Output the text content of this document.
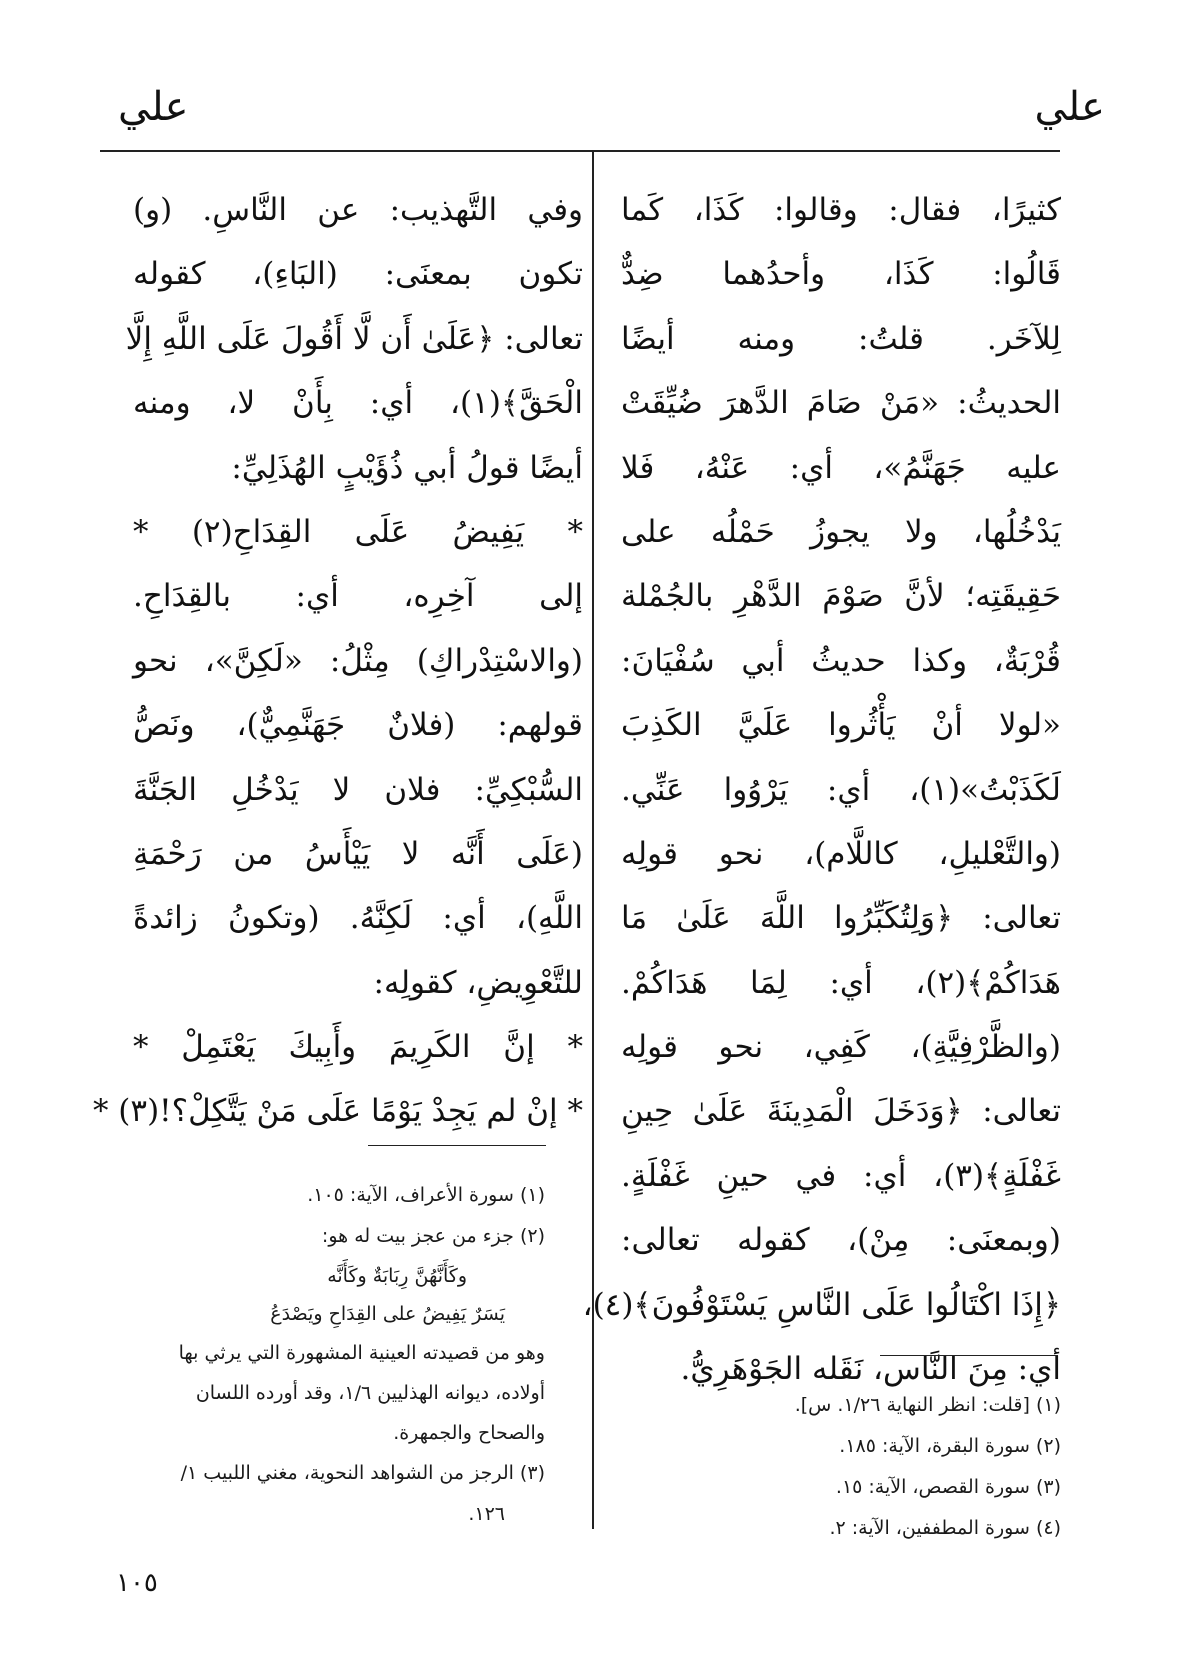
علي
علي
كثيرًا، فقال: وقالوا: كَذَا، كَما
قَالُوا: كَذَا، وأحدُهما ضِدٌّ
لِلآخَر. قلتُ: ومنه أيضًا
الحديثُ: «مَنْ صَامَ الدَّهرَ ضُيِّقَتْ
عليه جَهَنَّمُ»، أي: عَنْهُ، فَلا
يَدْخُلُها، ولا يجوزُ حَمْلُه على
حَقِيقَتِه؛ لأنَّ صَوْمَ الدَّهْرِ بالجُمْلة
قُرْبَةٌ، وكذا حديثُ أبي سُفْيَانَ:
«لولا أنْ يَأْثُروا عَلَيَّ الكَذِبَ
لَكَذَبْتُ»(١)، أي: يَرْوُوا عَنِّي.
(والتَّعْليلِ، كاللَّام)، نحو قولِه
تعالى: ﴿وَلِتُكَبِّرُوا اللَّهَ عَلَىٰ مَا
هَدَاكُمْ﴾(٢)، أي: لِمَا هَدَاكُمْ.
(والظَّرْفِيَّةِ)، كَفِي، نحو قولِه
تعالى: ﴿وَدَخَلَ الْمَدِينَةَ عَلَىٰ حِينِ
غَفْلَةٍ﴾(٣)، أي: في حينِ غَفْلَةٍ.
(وبمعنَى: مِنْ)، كقوله تعالى:
﴿إِذَا اكْتَالُوا عَلَى النَّاسِ يَسْتَوْفُونَ﴾(٤)،
أي: مِنَ النَّاس، نَقَله الجَوْهَرِيُّ.
وفي التَّهذيب: عن النَّاسِ. (و)
تكون بمعنَى: (البَاءِ)، كقوله
تعالى: ﴿عَلَىٰ أَن لَّا أَقُولَ عَلَى اللَّهِ إِلَّا
الْحَقَّ﴾(١)، أي: بِأَنْ لا، ومنه
أيضًا قولُ أبي ذُؤَيْبٍ الهُذَلِيِّ:
* يَفِيضُ عَلَى القِدَاحِ(٢) *
إلى آخِرِه، أي: بالقِدَاحِ.
(والاسْتِدْراكِ) مِثْلُ: «لَكِنَّ»، نحو
قولهم: (فلانٌ جَهَنَّمِيٌّ)، ونَصُّ
السُّبْكِيِّ: فلان لا يَدْخُلِ الجَنَّةَ
(عَلَى أَنَّه لا يَيْأَسُ من رَحْمَةِ
اللَّهِ)، أي: لَكِنَّهُ. (وتكونُ زائدةً
للتَّعْوِيضِ، كقولِه:
* إنَّ الكَرِيمَ وأَبِيكَ يَعْتَمِلْ *
* إنْ لم يَجِدْ يَوْمًا عَلَى مَنْ يَتَّكِلْ؟!(٣) *
(١) [قلت: انظر النهاية ١/٢٦. س].
(٢) سورة البقرة، الآية: ١٨٥.
(٣) سورة القصص، الآية: ١٥.
(٤) سورة المطففين، الآية: ٢.
(١) سورة الأعراف، الآية: ١٠٥.
(٢) جزء من عجز بيت له هو:
وكَأَنَّهُنَّ رِبَابَةٌ وكَأَنَّه
يَسَرٌ يَفِيضُ على القِدَاحِ ويَصْدَعُ
وهو من قصيدته العينية المشهورة التي يرثي بها
أولاده، ديوانه الهذليين ١/٦، وقد أورده اللسان
والصحاح والجمهرة.
(٣) الرجز من الشواهد النحوية، مغني اللبيب ١/
١٢٦.
١٠٥
